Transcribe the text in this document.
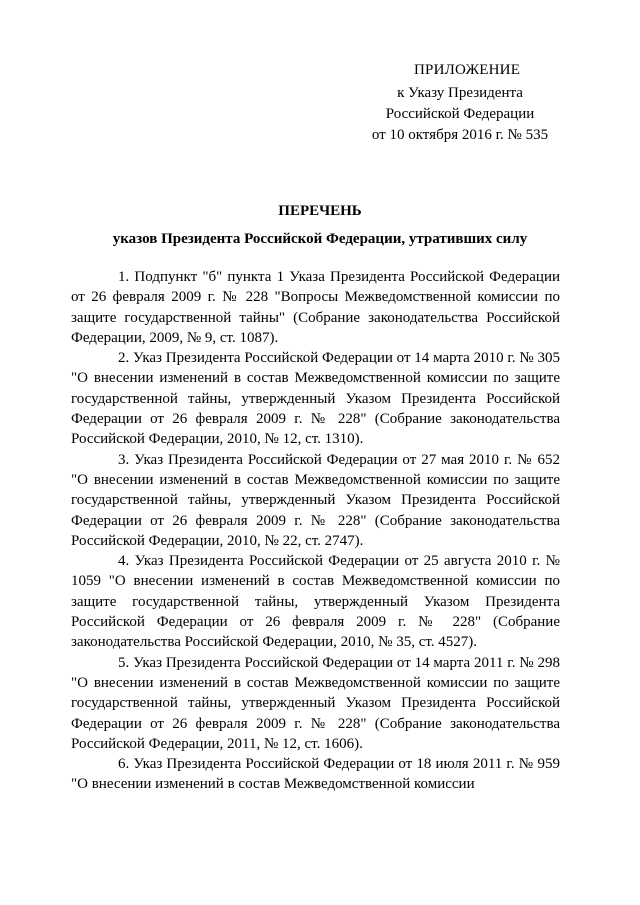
ПРИЛОЖЕНИЕ
к Указу Президента
Российской Федерации
от 10 октября 2016 г. № 535
ПЕРЕЧЕНЬ
указов Президента Российской Федерации, утративших силу

1. Подпункт "б" пункта 1 Указа Президента Российской Федерации от 26 февраля 2009 г. № 228 "Вопросы Межведомственной комиссии по защите государственной тайны" (Собрание законодательства Российской Федерации, 2009, № 9, ст. 1087).

2. Указ Президента Российской Федерации от 14 марта 2010 г. № 305 "О внесении изменений в состав Межведомственной комиссии по защите государственной тайны, утвержденный Указом Президента Российской Федерации от 26 февраля 2009 г. № 228" (Собрание законодательства Российской Федерации, 2010, № 12, ст. 1310).

3. Указ Президента Российской Федерации от 27 мая 2010 г. № 652 "О внесении изменений в состав Межведомственной комиссии по защите государственной тайны, утвержденный Указом Президента Российской Федерации от 26 февраля 2009 г. № 228" (Собрание законодательства Российской Федерации, 2010, № 22, ст. 2747).

4. Указ Президента Российской Федерации от 25 августа 2010 г. № 1059 "О внесении изменений в состав Межведомственной комиссии по защите государственной тайны, утвержденный Указом Президента Российской Федерации от 26 февраля 2009 г. № 228" (Собрание законодательства Российской Федерации, 2010, № 35, ст. 4527).

5. Указ Президента Российской Федерации от 14 марта 2011 г. № 298 "О внесении изменений в состав Межведомственной комиссии по защите государственной тайны, утвержденный Указом Президента Российской Федерации от 26 февраля 2009 г. № 228" (Собрание законодательства Российской Федерации, 2011, № 12, ст. 1606).

6. Указ Президента Российской Федерации от 18 июля 2011 г. № 959 "О внесении изменений в состав Межведомственной комиссии
